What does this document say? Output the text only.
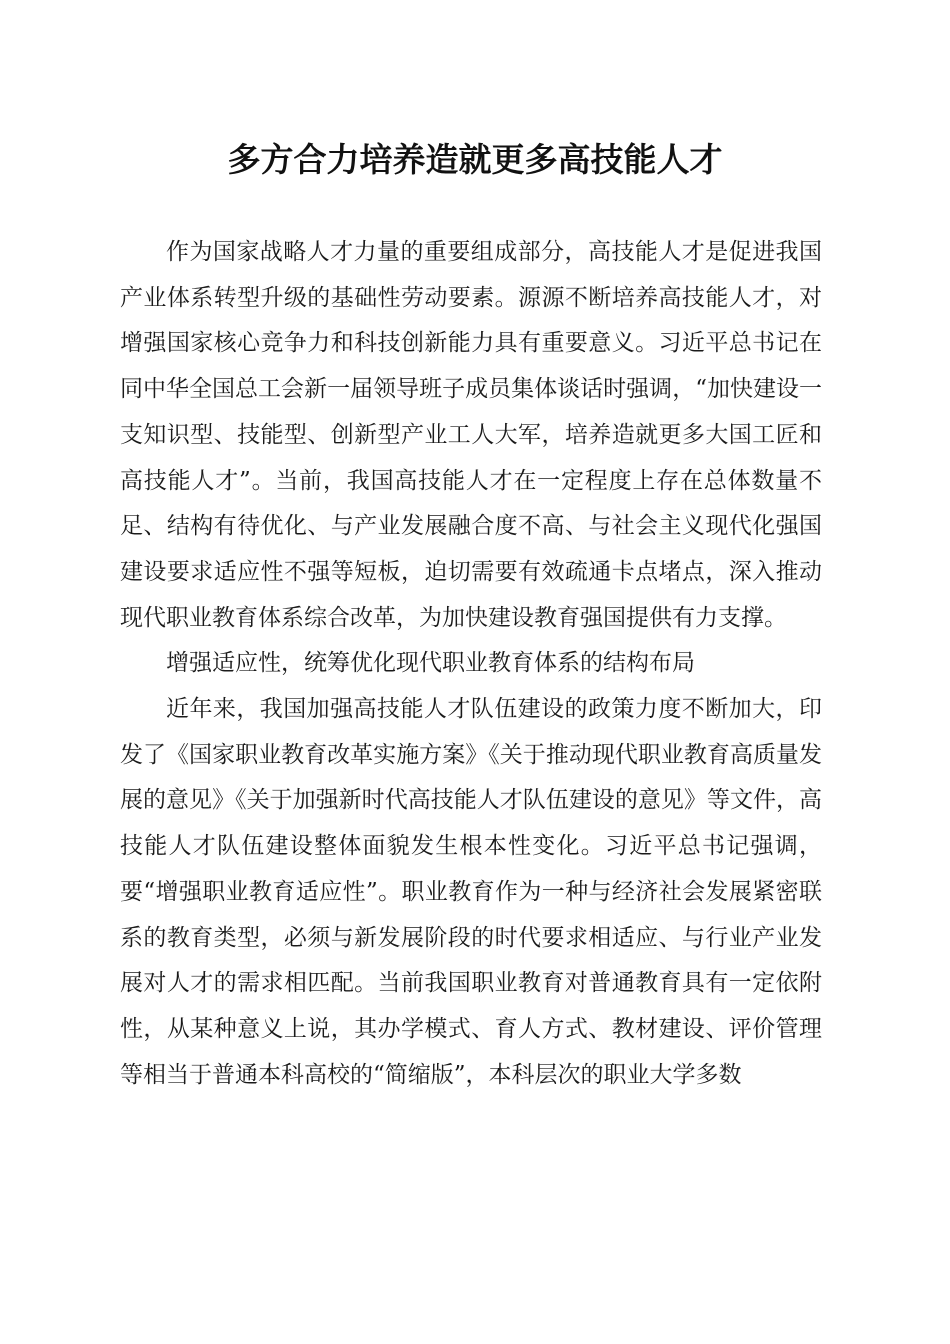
多方合力培养造就更多高技能人才

作为国家战略人才力量的重要组成部分，高技能人才是促进我国产业体系转型升级的基础性劳动要素。源源不断培养高技能人才，对增强国家核心竞争力和科技创新能力具有重要意义。习近平总书记在同中华全国总工会新一届领导班子成员集体谈话时强调，“加快建设一支知识型、技能型、创新型产业工人大军，培养造就更多大国工匠和高技能人才”。当前，我国高技能人才在一定程度上存在总体数量不足、结构有待优化、与产业发展融合度不高、与社会主义现代化强国建设要求适应性不强等短板，迫切需要有效疏通卡点堵点，深入推动现代职业教育体系综合改革，为加快建设教育强国提供有力支撑。

增强适应性，统筹优化现代职业教育体系的结构布局

近年来，我国加强高技能人才队伍建设的政策力度不断加大，印发了《国家职业教育改革实施方案》《关于推动现代职业教育高质量发展的意见》《关于加强新时代高技能人才队伍建设的意见》等文件，高技能人才队伍建设整体面貌发生根本性变化。习近平总书记强调，要“增强职业教育适应性”。职业教育作为一种与经济社会发展紧密联系的教育类型，必须与新发展阶段的时代要求相适应、与行业产业发展对人才的需求相匹配。当前我国职业教育对普通教育具有一定依附性，从某种意义上说，其办学模式、育人方式、教材建设、评价管理等相当于普通本科高校的“简缩版”，本科层次的职业大学多数
